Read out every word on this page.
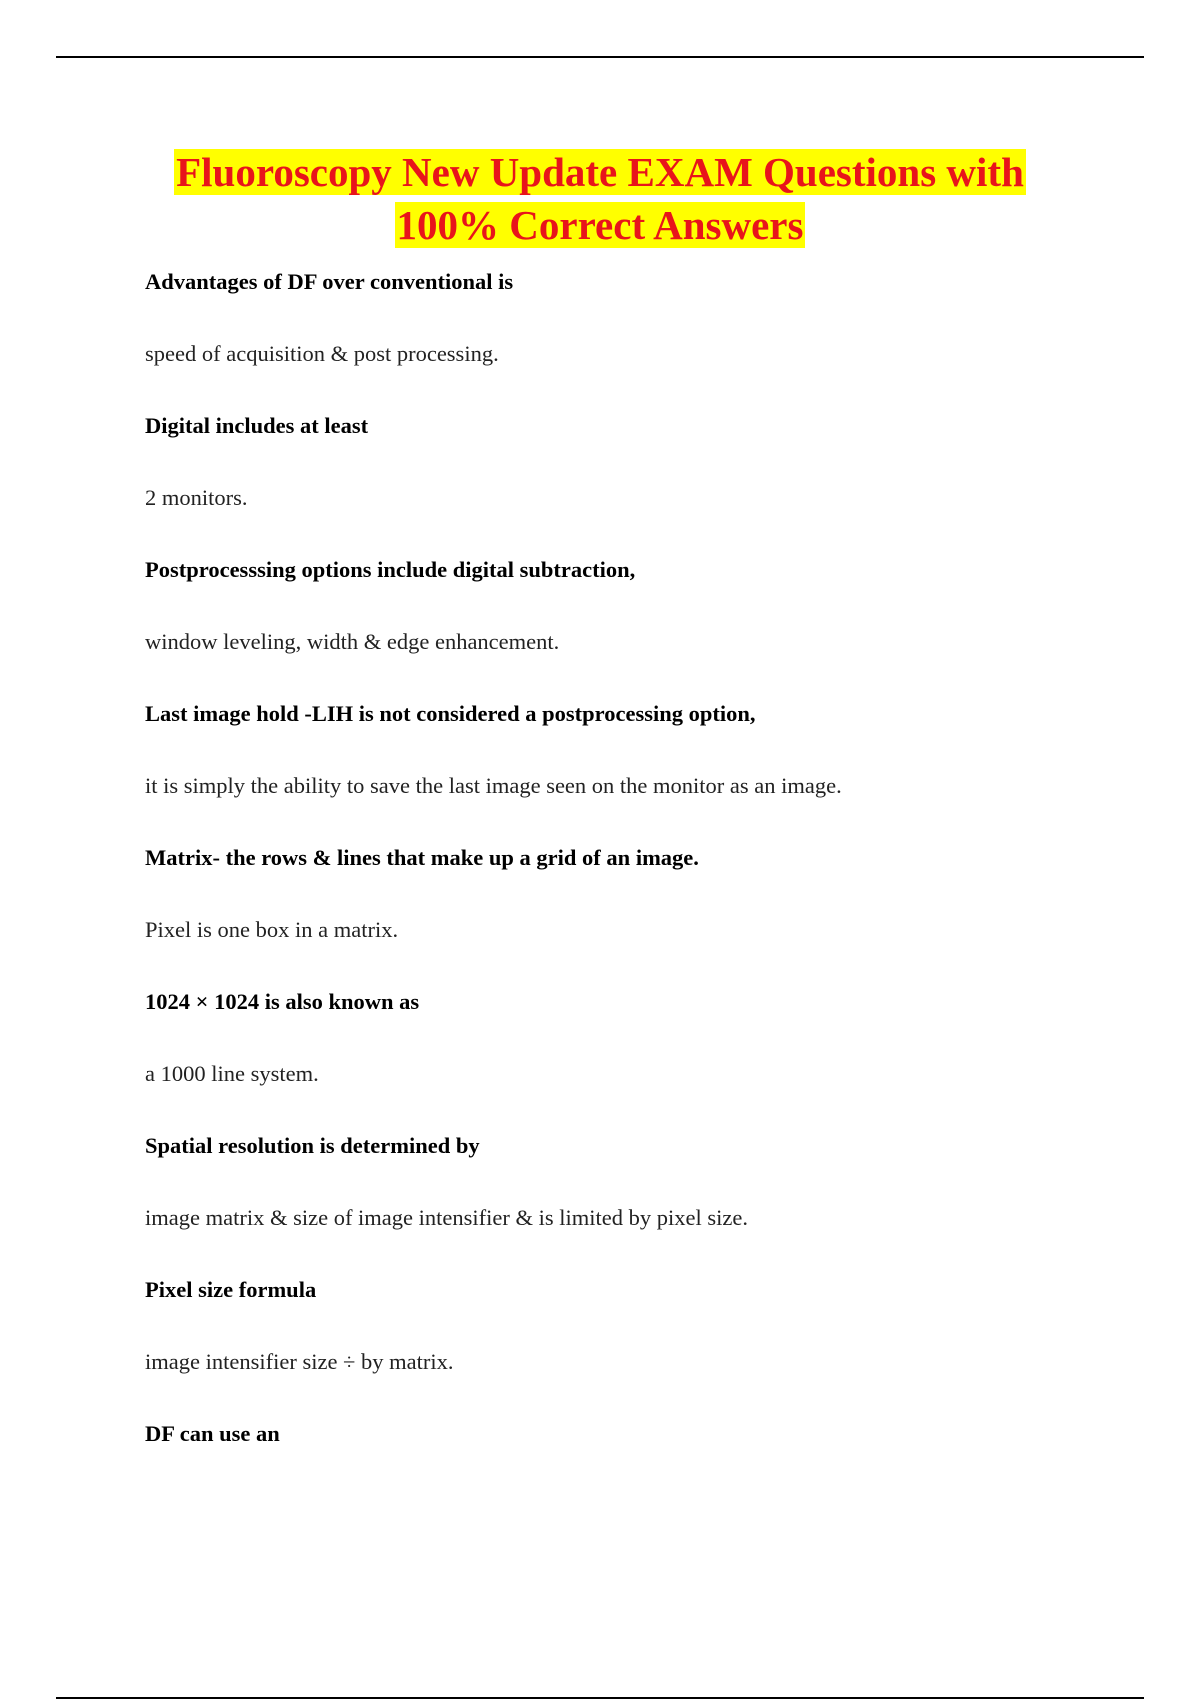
Fluoroscopy New Update EXAM Questions with
100% Correct Answers

Advantages of DF over conventional is

speed of acquisition & post processing.

Digital includes at least

2 monitors.

Postprocesssing options include digital subtraction,

window leveling, width & edge enhancement.

Last image hold -LIH is not considered a postprocessing option,

it is simply the ability to save the last image seen on the monitor as an image.

Matrix- the rows & lines that make up a grid of an image.

Pixel is one box in a matrix.

1024 × 1024 is also known as

a 1000 line system.

Spatial resolution is determined by

image matrix & size of image intensifier & is limited by pixel size.

Pixel size formula

image intensifier size ÷ by matrix.

DF can use an
